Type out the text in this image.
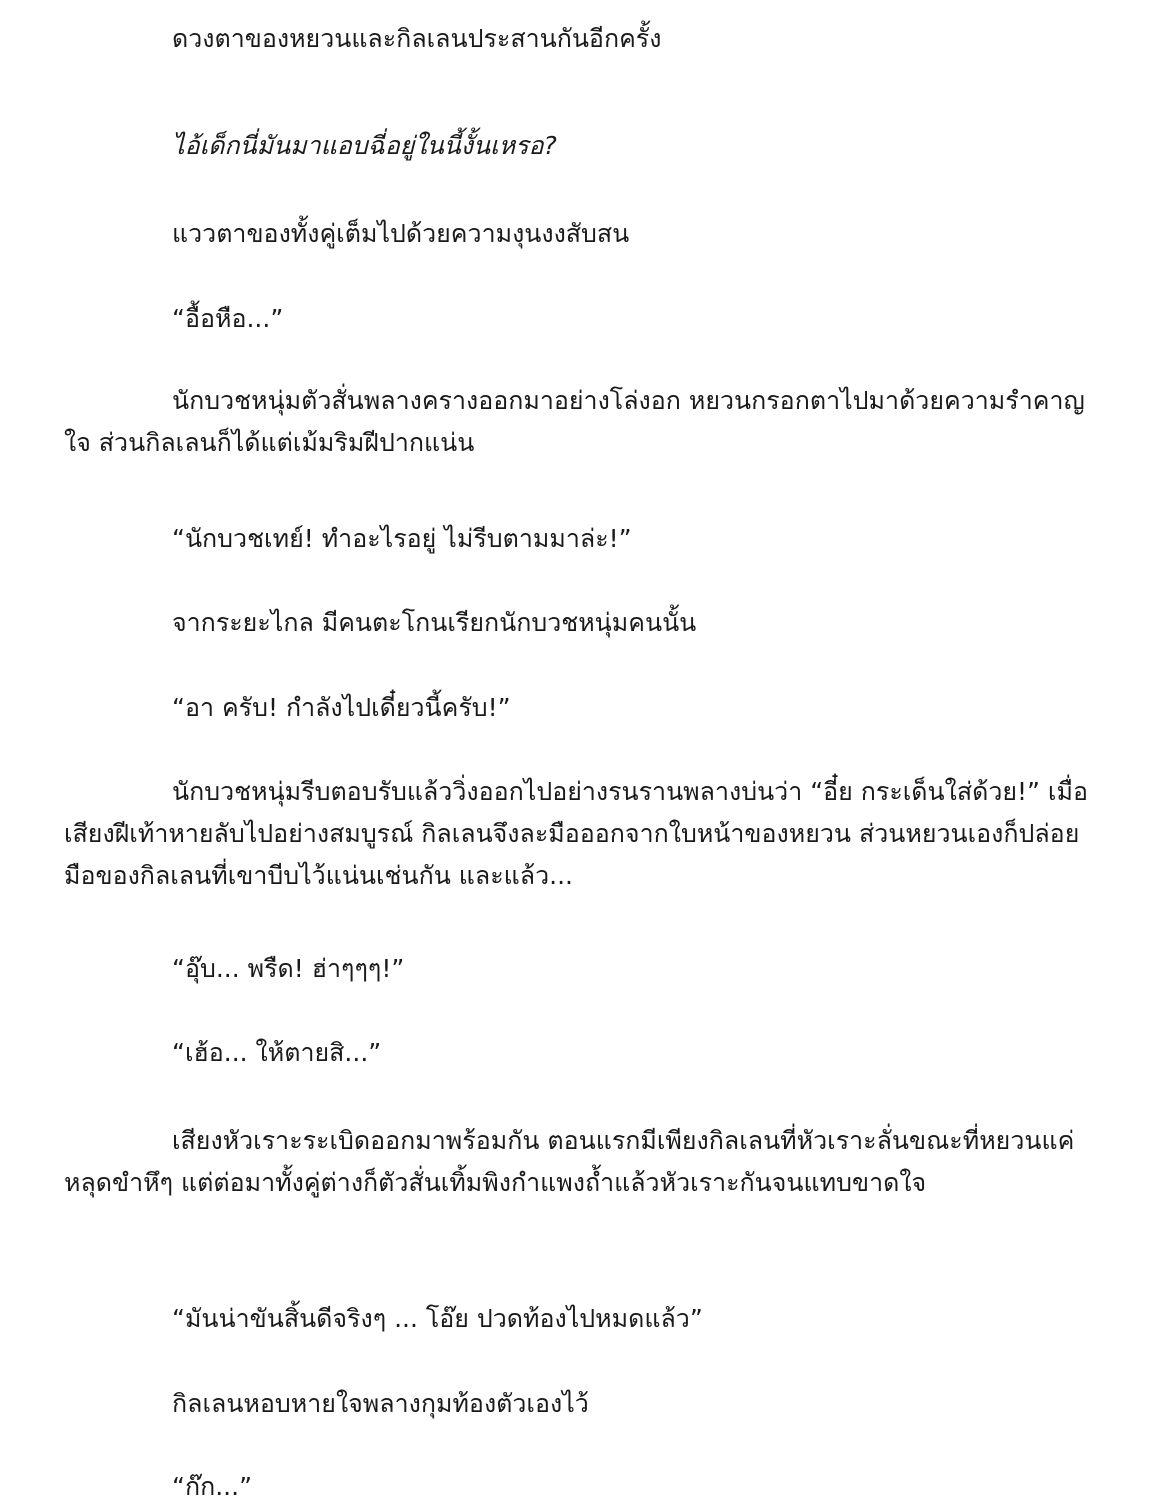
ดวงตาของหยวนและกิลเลนประสานกันอีกครั้ง

ไอ้เด็กนี่มันมาแอบฉี่อยู่ในนี้งั้นเหรอ?

แววตาของทั้งคู่เต็มไปด้วยความงุนงงสับสน

“อื้อหือ...”

นักบวชหนุ่มตัวสั่นพลางครางออกมาอย่างโล่งอก หยวนกรอกตาไปมาด้วยความรำคาญใจ ส่วนกิลเลนก็ได้แต่เม้มริมฝีปากแน่น

“นักบวชเทย์! ทำอะไรอยู่ ไม่รีบตามมาล่ะ!”

จากระยะไกล มีคนตะโกนเรียกนักบวชหนุ่มคนนั้น

“อา ครับ! กำลังไปเดี๋ยวนี้ครับ!”

นักบวชหนุ่มรีบตอบรับแล้ววิ่งออกไปอย่างรนรานพลางบ่นว่า “อี๋ย กระเด็นใส่ด้วย!” เมื่อเสียงฝีเท้าหายลับไปอย่างสมบูรณ์ กิลเลนจึงละมือออกจากใบหน้าของหยวน ส่วนหยวนเองก็ปล่อยมือของกิลเลนที่เขาบีบไว้แน่นเช่นกัน และแล้ว...

“อุ๊บ... พรืด! ฮ่าๆๆๆ!”

“เฮ้อ... ให้ตายสิ...”

เสียงหัวเราะระเบิดออกมาพร้อมกัน ตอนแรกมีเพียงกิลเลนที่หัวเราะลั่นขณะที่หยวนแค่หลุดขำหึๆ แต่ต่อมาทั้งคู่ต่างก็ตัวสั่นเทิ้มพิงกำแพงถ้ำแล้วหัวเราะกันจนแทบขาดใจ

“มันน่าขันสิ้นดีจริงๆ ... โอ๊ย ปวดท้องไปหมดแล้ว”

กิลเลนหอบหายใจพลางกุมท้องตัวเองไว้

“ก๊ก...”
